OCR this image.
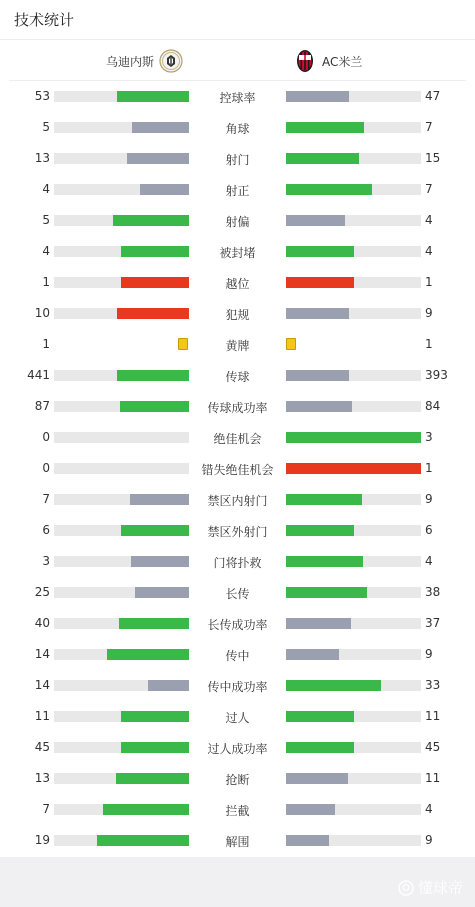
技术统计
乌迪内斯	AC米兰
53	控球率	47
5	角球	7
13	射门	15
4	射正	7
5	射偏	4
4	被封堵	4
1	越位	1
10	犯规	9
1	黄牌	1
441	传球	393
87	传球成功率	84
0	绝佳机会	3
0	错失绝佳机会	1
7	禁区内射门	9
6	禁区外射门	6
3	门将扑救	4
25	长传	38
40	长传成功率	37
14	传中	9
14	传中成功率	33
11	过人	11
45	过人成功率	45
13	抢断	11
7	拦截	4
19	解围	9
懂球帝
